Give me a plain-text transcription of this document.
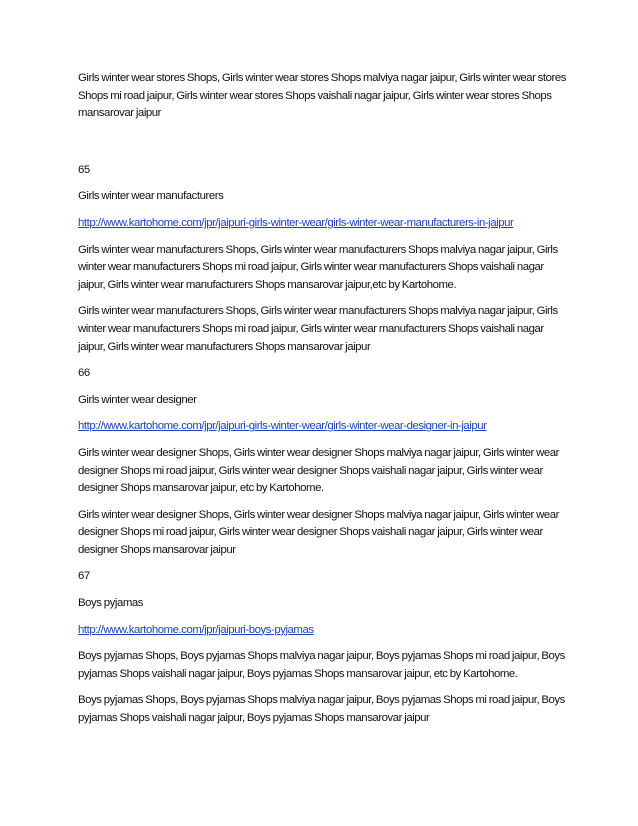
Girls winter wear stores Shops, Girls winter wear stores Shops malviya nagar jaipur, Girls winter wear stores Shops mi road jaipur, Girls winter wear stores Shops vaishali nagar jaipur, Girls winter wear stores Shops mansarovar jaipur

65

Girls winter wear manufacturers

http://www.kartohome.com/jpr/jaipuri-girls-winter-wear/girls-winter-wear-manufacturers-in-jaipur

Girls winter wear manufacturers Shops, Girls winter wear manufacturers Shops malviya nagar jaipur, Girls winter wear manufacturers Shops mi road jaipur, Girls winter wear manufacturers Shops vaishali nagar jaipur, Girls winter wear manufacturers Shops mansarovar jaipur,etc by Kartohome.

Girls winter wear manufacturers Shops, Girls winter wear manufacturers Shops malviya nagar jaipur, Girls winter wear manufacturers Shops mi road jaipur, Girls winter wear manufacturers Shops vaishali nagar jaipur, Girls winter wear manufacturers Shops mansarovar jaipur

66

Girls winter wear designer

http://www.kartohome.com/jpr/jaipuri-girls-winter-wear/girls-winter-wear-designer-in-jaipur

Girls winter wear designer Shops, Girls winter wear designer Shops malviya nagar jaipur, Girls winter wear designer Shops mi road jaipur, Girls winter wear designer Shops vaishali nagar jaipur, Girls winter wear designer Shops mansarovar jaipur, etc by Kartohome.

Girls winter wear designer Shops, Girls winter wear designer Shops malviya nagar jaipur, Girls winter wear designer Shops mi road jaipur, Girls winter wear designer Shops vaishali nagar jaipur, Girls winter wear designer Shops mansarovar jaipur

67

Boys pyjamas

http://www.kartohome.com/jpr/jaipuri-boys-pyjamas

Boys pyjamas Shops, Boys pyjamas Shops malviya nagar jaipur, Boys pyjamas Shops mi road jaipur, Boys pyjamas Shops vaishali nagar jaipur, Boys pyjamas Shops mansarovar jaipur, etc by Kartohome.

Boys pyjamas Shops, Boys pyjamas Shops malviya nagar jaipur, Boys pyjamas Shops mi road jaipur, Boys pyjamas Shops vaishali nagar jaipur, Boys pyjamas Shops mansarovar jaipur
